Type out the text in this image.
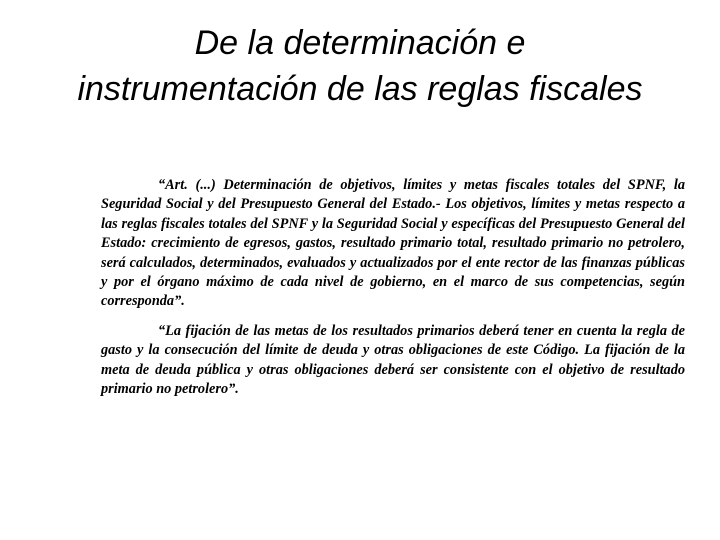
De la determinación e
instrumentación de las reglas fiscales

“Art. (...) Determinación de objetivos, límites y metas fiscales totales del SPNF, la Seguridad Social y del Presupuesto General del Estado.- Los objetivos, límites y metas respecto a las reglas fiscales totales del SPNF y la Seguridad Social y específicas del Presupuesto General del Estado: crecimiento de egresos, gastos, resultado primario total, resultado primario no petrolero, será calculados, determinados, evaluados y actualizados por el ente rector de las finanzas públicas y por el órgano máximo de cada nivel de gobierno, en el marco de sus competencias, según corresponda”.

“La fijación de las metas de los resultados primarios deberá tener en cuenta la regla de gasto y la consecución del límite de deuda y otras obligaciones de este Código. La fijación de la meta de deuda pública y otras obligaciones deberá ser consistente con el objetivo de resultado primario no petrolero”.
